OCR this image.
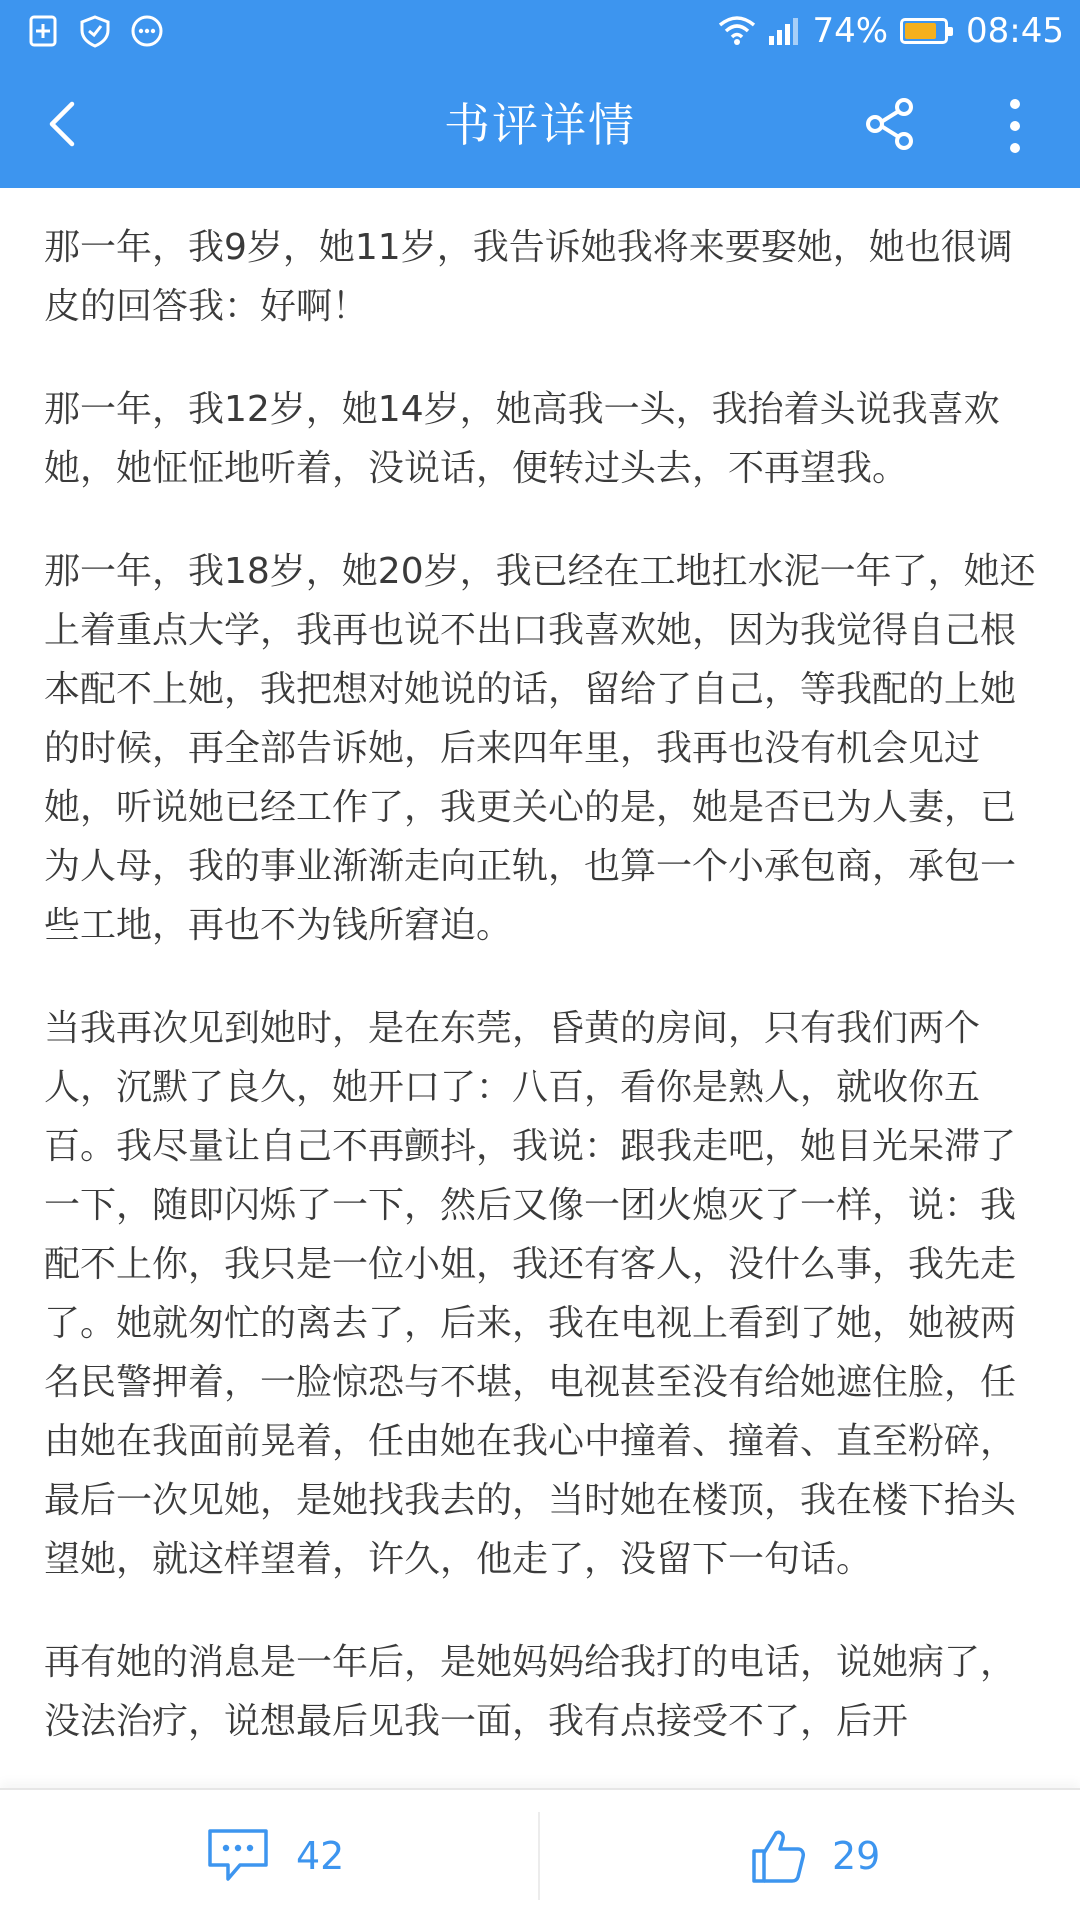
74% 08:45
书评详情

那一年，我9岁，她11岁，我告诉她我将来要娶她，她也很调皮的回答我：好啊！

那一年，我12岁，她14岁，她高我一头，我抬着头说我喜欢她，她怔怔地听着，没说话，便转过头去，不再望我。

那一年，我18岁，她20岁，我已经在工地扛水泥一年了，她还上着重点大学，我再也说不出口我喜欢她，因为我觉得自己根本配不上她，我把想对她说的话，留给了自己，等我配的上她的时候，再全部告诉她，后来四年里，我再也没有机会见过她，听说她已经工作了，我更关心的是，她是否已为人妻，已为人母，我的事业渐渐走向正轨，也算一个小承包商，承包一些工地，再也不为钱所窘迫。

当我再次见到她时，是在东莞，昏黄的房间，只有我们两个人，沉默了良久，她开口了：八百，看你是熟人，就收你五百。我尽量让自己不再颤抖，我说：跟我走吧，她目光呆滞了一下，随即闪烁了一下，然后又像一团火熄灭了一样，说：我配不上你，我只是一位小姐，我还有客人，没什么事，我先走了。她就匆忙的离去了，后来，我在电视上看到了她，她被两名民警押着，一脸惊恐与不堪，电视甚至没有给她遮住脸，任由她在我面前晃着，任由她在我心中撞着、撞着、直至粉碎，最后一次见她，是她找我去的，当时她在楼顶，我在楼下抬头望她，就这样望着，许久，他走了，没留下一句话。

再有她的消息是一年后，是她妈妈给我打的电话，说她病了，没法治疗，说想最后见我一面，我有点接受不了，后开

42	29
